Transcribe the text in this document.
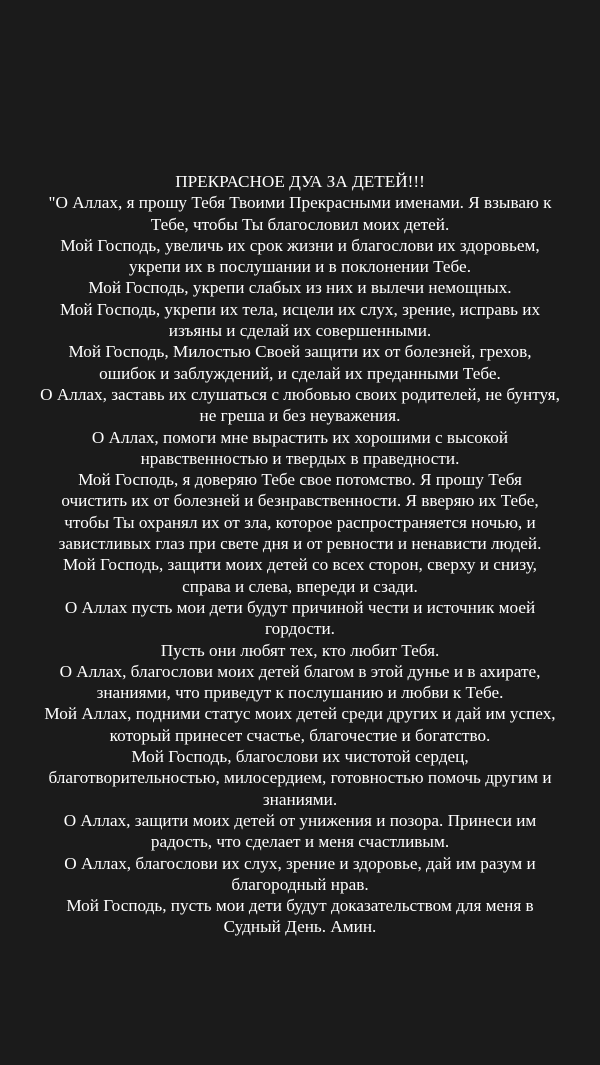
ПРЕКРАСНОЕ ДУА ЗА ДЕТЕЙ!!!
"О Аллах, я прошу Тебя Твоими Прекрасными именами. Я взываю к
Тебе, чтобы Ты благословил моих детей.
Мой Господь, увеличь их срок жизни и благослови их здоровьем,
укрепи их в послушании и в поклонении Тебе.
Мой Господь, укрепи слабых из них и вылечи немощных.
Мой Господь, укрепи их тела, исцели их слух, зрение, исправь их
изъяны и сделай их совершенными.
Мой Господь, Милостью Своей защити их от болезней, грехов,
ошибок и заблуждений, и сделай их преданными Тебе.
О Аллах, заставь их слушаться с любовью своих родителей, не бунтуя,
не греша и без неуважения.
О Аллах, помоги мне вырастить их хорошими с высокой
нравственностью и твердых в праведности.
Мой Господь, я доверяю Тебе свое потомство. Я прошу Тебя
очистить их от болезней и безнравственности. Я вверяю их Тебе,
чтобы Ты охранял их от зла, которое распространяется ночью, и
завистливых глаз при свете дня и от ревности и ненависти людей.
Мой Господь, защити моих детей со всех сторон, сверху и снизу,
справа и слева, впереди и сзади.
О Аллах пусть мои дети будут причиной чести и источник моей
гордости.
Пусть они любят тех, кто любит Тебя.
О Аллах, благослови моих детей благом в этой дунье и в ахирате,
знаниями, что приведут к послушанию и любви к Тебе.
Мой Аллах, подними статус моих детей среди других и дай им успех,
который принесет счастье, благочестие и богатство.
Мой Господь, благослови их чистотой сердец,
благотворительностью, милосердием, готовностью помочь другим и
знаниями.
О Аллах, защити моих детей от унижения и позора. Принеси им
радость, что сделает и меня счастливым.
О Аллах, благослови их слух, зрение и здоровье, дай им разум и
благородный нрав.
Мой Господь, пусть мои дети будут доказательством для меня в
Судный День. Амин.
